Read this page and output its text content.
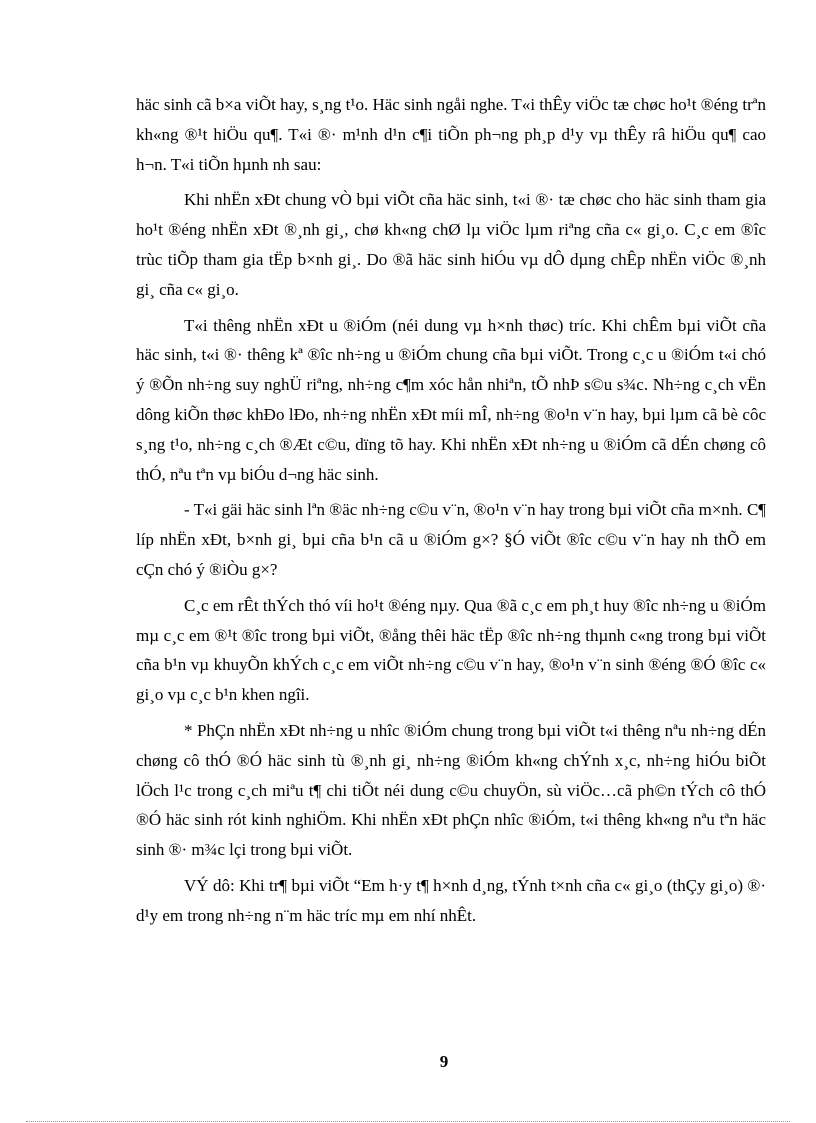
häc sinh cã b×a viÕt hay, s¸ng t¹o. Häc sinh ngåi nghe. T«i thÊy viÖc tæ chøc ho¹t ®éng trªn kh«ng ®¹t hiÖu qu¶. T«i ®· m¹nh d¹n c¶i tiÕn ph¬ng ph¸p d¹y vµ thÊy râ hiÖu qu¶ cao h¬n. T«i tiÕn hµnh nh sau:

Khi nhËn xÐt chung vÒ bµi viÕt cña häc sinh, t«i ®· tæ chøc cho häc sinh tham gia ho¹t ®éng nhËn xÐt ®¸nh gi¸, chø kh«ng chØ lµ viÖc lµm riªng cña c« gi¸o. C¸c em ®îc trùc tiÕp tham gia tËp b×nh gi¸. Do ®ã häc sinh hiÓu vµ dÔ dµng chÊp nhËn viÖc ®¸nh gi¸ cña c« gi¸o.

T«i thêng nhËn xÐt u ®iÓm (néi dung vµ h×nh thøc) tríc. Khi chÊm bµi viÕt cña häc sinh, t«i ®· thêng kª ®îc nh÷ng u ®iÓm chung cña bµi viÕt. Trong c¸c u ®iÓm t«i chó ý ®Õn nh÷ng suy nghÜ riªng, nh÷ng c¶m xóc hån nhiªn, tÕ nhÞ s©u s¾c. Nh÷ng c¸ch vËn dông kiÕn thøc khÐo lÐo, nh÷ng nhËn xÐt míi mÎ, nh÷ng ®o¹n v¨n hay, bµi lµm cã bè côc s¸ng t¹o, nh÷ng c¸ch ®Æt c©u, dïng tõ hay. Khi nhËn xÐt nh÷ng u ®iÓm cã dÉn chøng cô thÓ, nªu tªn vµ biÓu d¬ng häc sinh.

- T«i gäi häc sinh lªn ®äc nh÷ng c©u v¨n, ®o¹n v¨n hay trong bµi viÕt cña m×nh. C¶ líp nhËn xÐt, b×nh gi¸ bµi cña b¹n cã u ®iÓm g×? §Ó viÕt ®îc c©u v¨n hay nh thÕ em cÇn chó ý ®iÒu g×?

C¸c em rÊt thÝch thó víi ho¹t ®éng nµy. Qua ®ã c¸c em ph¸t huy ®îc nh÷ng u ®iÓm mµ c¸c em ®¹t ®îc trong bµi viÕt, ®ång thêi häc tËp ®îc nh÷ng thµnh c«ng trong bµi viÕt cña b¹n vµ khuyÕn khÝch c¸c em viÕt nh÷ng c©u v¨n hay, ®o¹n v¨n sinh ®éng ®Ó ®îc c« gi¸o vµ c¸c b¹n khen ngîi.

* PhÇn nhËn xÐt nh÷ng u nhîc ®iÓm chung trong bµi viÕt t«i thêng nªu nh÷ng dÉn chøng cô thÓ ®Ó häc sinh tù ®¸nh gi¸ nh÷ng ®iÓm kh«ng chÝnh x¸c, nh÷ng hiÓu biÕt lÖch l¹c trong c¸ch miªu t¶ chi tiÕt néi dung c©u chuyÖn, sù viÖc…cã ph©n tÝch cô thÓ ®Ó häc sinh rót kinh nghiÖm. Khi nhËn xÐt phÇn nhîc ®iÓm, t«i thêng kh«ng nªu tªn häc sinh ®· m¾c lçi trong bµi viÕt.

VÝ dô: Khi tr¶ bµi viÕt “Em h·y t¶ h×nh d¸ng, tÝnh t×nh cña c« gi¸o (thÇy gi¸o) ®· d¹y em trong nh÷ng n¨m häc tríc mµ em nhí nhÊt.

9
